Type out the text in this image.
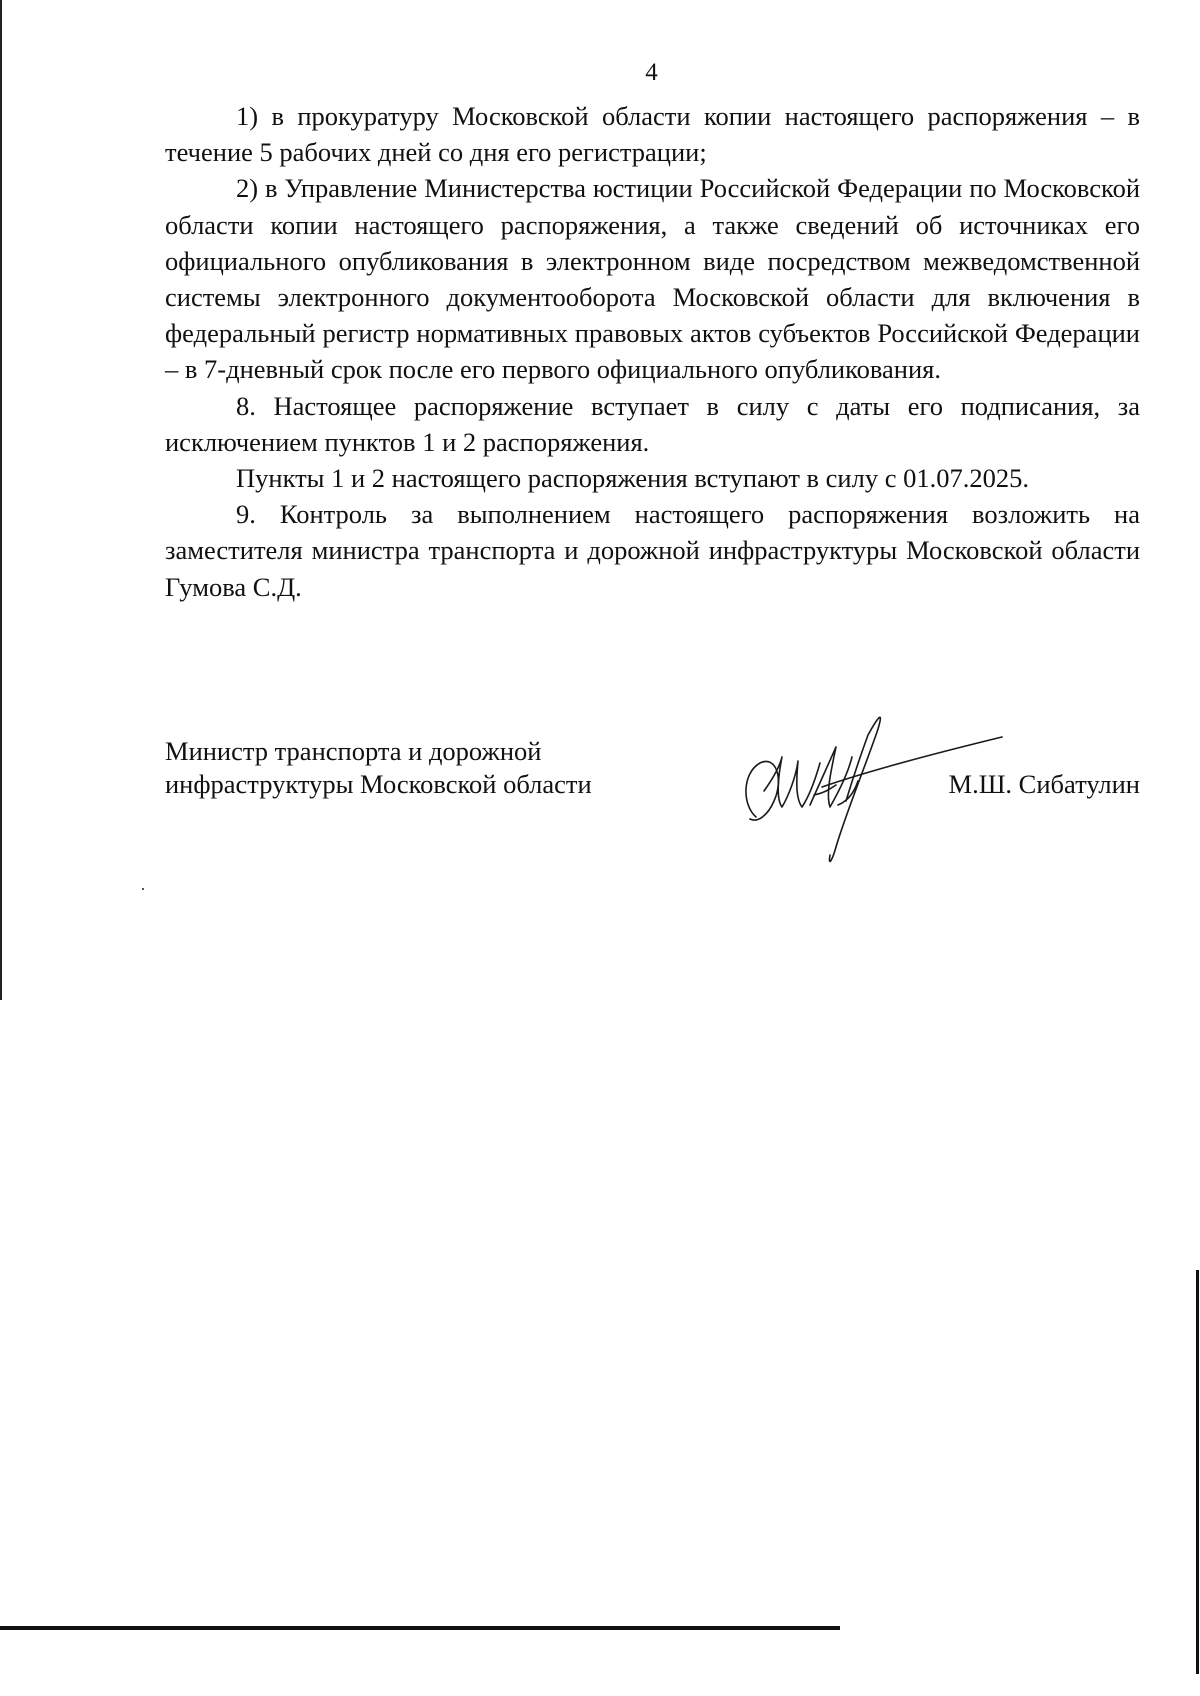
4

1) в прокуратуру Московской области копии настоящего распоряжения – в течение 5 рабочих дней со дня его регистрации;

2) в Управление Министерства юстиции Российской Федерации по Московской области копии настоящего распоряжения, а также сведений об источниках его официального опубликования в электронном виде посредством межведомственной системы электронного документооборота Московской области для включения в федеральный регистр нормативных правовых актов субъектов Российской Федерации – в 7-дневный срок после его первого официального опубликования.

8. Настоящее распоряжение вступает в силу с даты его подписания, за исключением пунктов 1 и 2 распоряжения.

Пункты 1 и 2 настоящего распоряжения вступают в силу с 01.07.2025.

9. Контроль за выполнением настоящего распоряжения возложить на заместителя министра транспорта и дорожной инфраструктуры Московской области Гумова С.Д.

Министр транспорта и дорожной
инфраструктуры Московской области	М.Ш. Сибатулин
